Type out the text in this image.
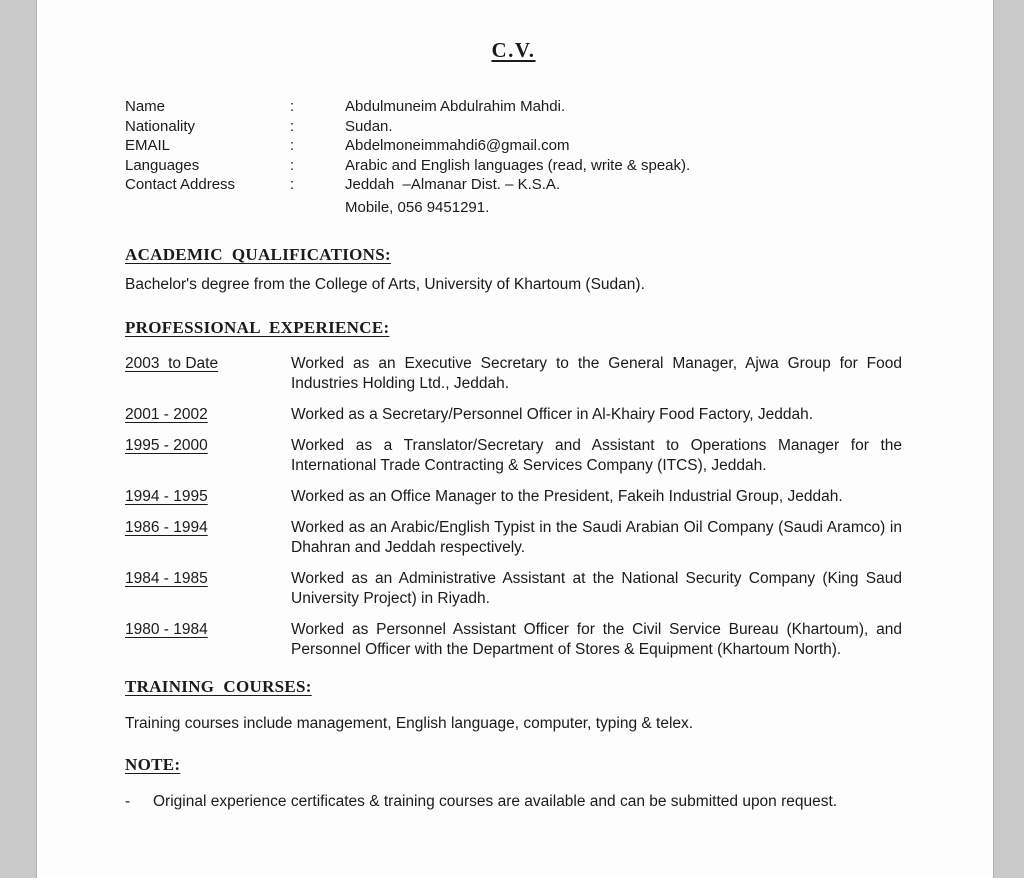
C.V.
Name	:	Abdulmuneim Abdulrahim Mahdi.
Nationality	:	Sudan.
EMAIL	:	Abdelmoneimmahdi6@gmail.com
Languages	:	Arabic and English languages (read, write & speak).
Contact Address	:	Jeddah  –Almanar Dist. – K.S.A.
Mobile, 056 9451291.
ACADEMIC  QUALIFICATIONS:
Bachelor's degree from the College of Arts, University of Khartoum (Sudan).
PROFESSIONAL  EXPERIENCE:
2003  to Date	Worked as an Executive Secretary to the General Manager, Ajwa Group for Food Industries Holding Ltd., Jeddah.
2001 - 2002	Worked as a Secretary/Personnel Officer in Al-Khairy Food Factory, Jeddah.
1995 - 2000	Worked as a Translator/Secretary and Assistant to Operations Manager for the International Trade Contracting & Services Company (ITCS), Jeddah.
1994 - 1995	Worked as an Office Manager to the President, Fakeih Industrial Group, Jeddah.
1986 - 1994	Worked as an Arabic/English Typist in the Saudi Arabian Oil Company (Saudi Aramco) in Dhahran and Jeddah respectively.
1984 - 1985	Worked as an Administrative Assistant at the National Security Company (King Saud University Project) in Riyadh.
1980 - 1984	Worked as Personnel Assistant Officer for the Civil Service Bureau (Khartoum), and Personnel Officer with the Department of Stores & Equipment (Khartoum North).
TRAINING  COURSES:
Training courses include management, English language, computer, typing & telex.
NOTE:
-	Original experience certificates & training courses are available and can be submitted upon request.
